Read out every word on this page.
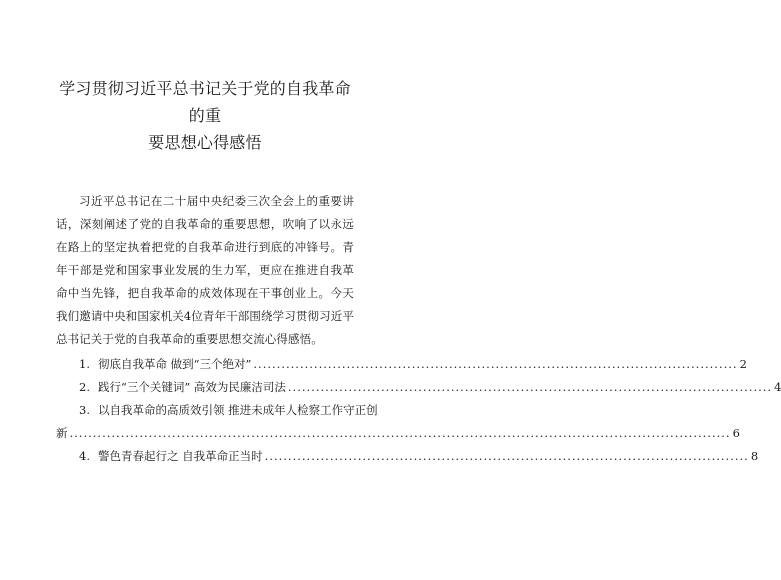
学习贯彻习近平总书记关于党的自我革命的重
要思想心得感悟

习近平总书记在二十届中央纪委三次全会上的重要讲话，深刻阐述了党的自我革命的重要思想，吹响了以永远在路上的坚定执着把党的自我革命进行到底的冲锋号。青年干部是党和国家事业发展的生力军，更应在推进自我革命中当先锋，把自我革命的成效体现在干事创业上。今天我们邀请中央和国家机关4位青年干部围绕学习贯彻习近平总书记关于党的自我革命的重要思想交流心得感悟。

1. 彻底自我革命 做到“三个绝对” ........................................................................................................ 2
2. 践行“三个关键词” 高效为民廉洁司法 ........................................................................................................ 4
3. 以自我革命的高质效引领 推进未成年人检察工作守正创
新 .............................................................................................................................................. 6
4. 警色青春起行之 自我革命正当时 ........................................................................................................ 8
